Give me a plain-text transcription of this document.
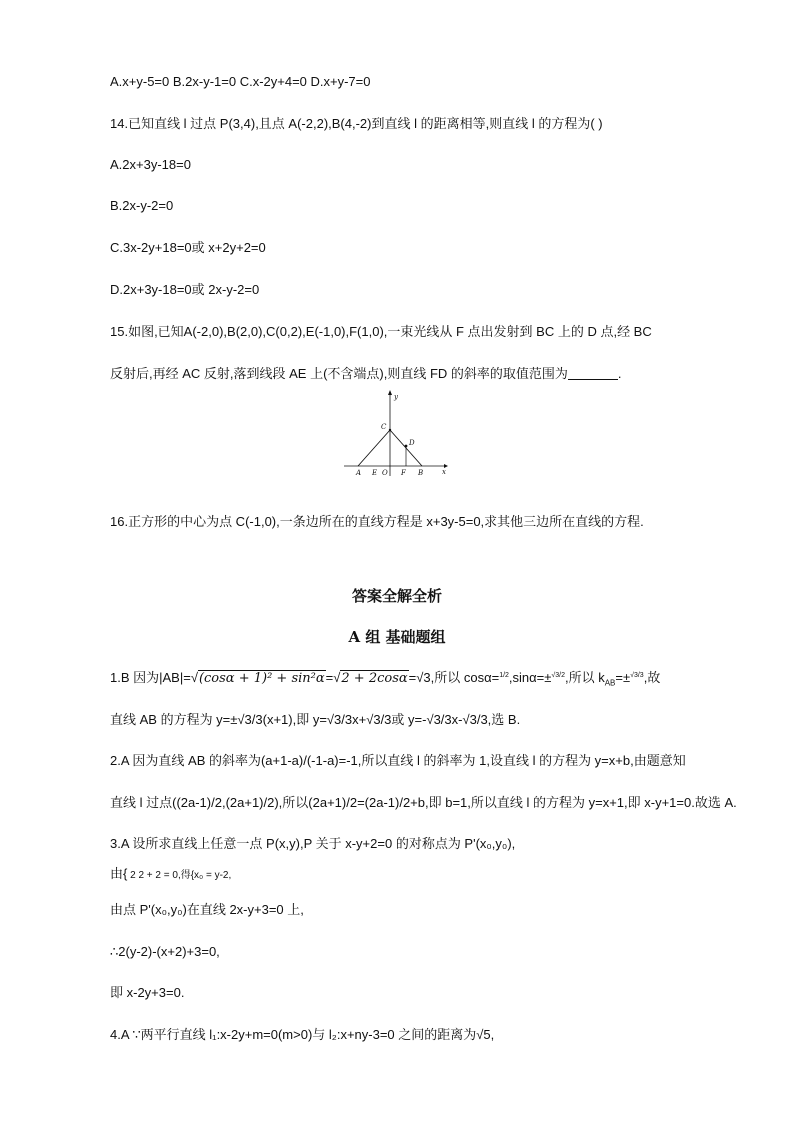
A.x+y-5=0 B.2x-y-1=0 C.x-2y+4=0 D.x+y-7=0
14.已知直线 l 过点 P(3,4),且点 A(-2,2),B(4,-2)到直线 l 的距离相等,则直线 l 的方程为( )
A.2x+3y-18=0
B.2x-y-2=0
C.3x-2y+18=0或 x+2y+2=0
D.2x+3y-18=0或 2x-y-2=0
15.如图,已知A(-2,0),B(2,0),C(0,2),E(-1,0),F(1,0),一束光线从 F 点出发射到 BC 上的 D 点,经 BC
反射后,再经 AC 反射,落到线段 AE 上(不含端点),则直线 FD 的斜率的取值范围为	.
y
x
C
D
A E O F B
16.正方形的中心为点 C(-1,0),一条边所在的直线方程是 x+3y-5=0,求其他三边所在直线的方程.
答案全解全析
A 组 基础题组
1.B 因为|AB|=√(cosα + 1)² + sin²α=√2 + 2cosα=√3,所以 cosα=$^{1/2}$,sinα=±$^{√3/2}$,所以 $k_{AB}=\pm^{√3/3}$,故
直线 AB 的方程为 y=±√3/3(x+1),即 y=√3/3x+√3/3或 y=-√3/3x-√3/3,选 B.
2.A 因为直线 AB 的斜率为(a+1-a)/(-1-a)=-1,所以直线 l 的斜率为 1,设直线 l 的方程为 y=x+b,由题意知
直线 l 过点((2a-1)/2,(2a+1)/2),所以(2a+1)/2=(2a-1)/2+b,即 b=1,所以直线 l 的方程为 y=x+1,即 x-y+1=0.故选 A.
3.A 设所求直线上任意一点 P(x,y),P 关于 x-y+2=0 的对称点为 P'(x₀,y₀),
由{ 2 2 + 2 = 0,得{x₀ = y-2,
由点 P'(x₀,y₀)在直线 2x-y+3=0 上,
∴2(y-2)-(x+2)+3=0,
即 x-2y+3=0.
4.A ∵两平行直线 l₁:x-2y+m=0(m>0)与 l₂:x+ny-3=0 之间的距离为√5,
